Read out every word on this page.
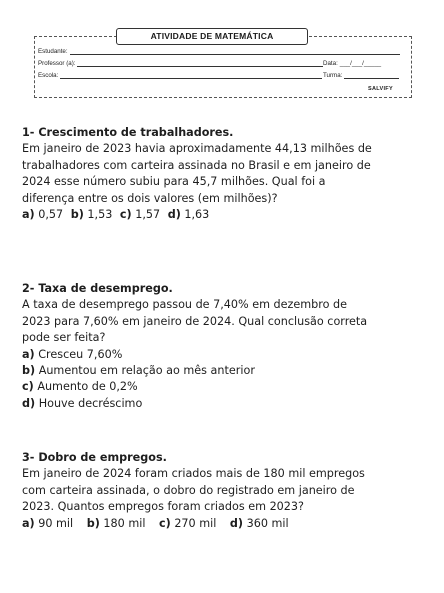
ATIVIDADE DE MATEMÁTICA
Estudante:
Professor (a):	Data: ___/___/_____
Escola:	Turma:
SALVIFY
1- Crescimento de trabalhadores.
Em janeiro de 2023 havia aproximadamente 44,13 milhões de
trabalhadores com carteira assinada no Brasil e em janeiro de
2024 esse número subiu para 45,7 milhões. Qual foi a
diferença entre os dois valores (em milhões)?
a) 0,57 b) 1,53 c) 1,57 d) 1,63
2- Taxa de desemprego.
A taxa de desemprego passou de 7,40% em dezembro de
2023 para 7,60% em janeiro de 2024. Qual conclusão correta
pode ser feita?
a) Cresceu 7,60%
b) Aumentou em relação ao mês anterior
c) Aumento de 0,2%
d) Houve decréscimo
3- Dobro de empregos.
Em janeiro de 2024 foram criados mais de 180 mil empregos
com carteira assinada, o dobro do registrado em janeiro de
2023. Quantos empregos foram criados em 2023?
a) 90 mil b) 180 mil c) 270 mil d) 360 mil
